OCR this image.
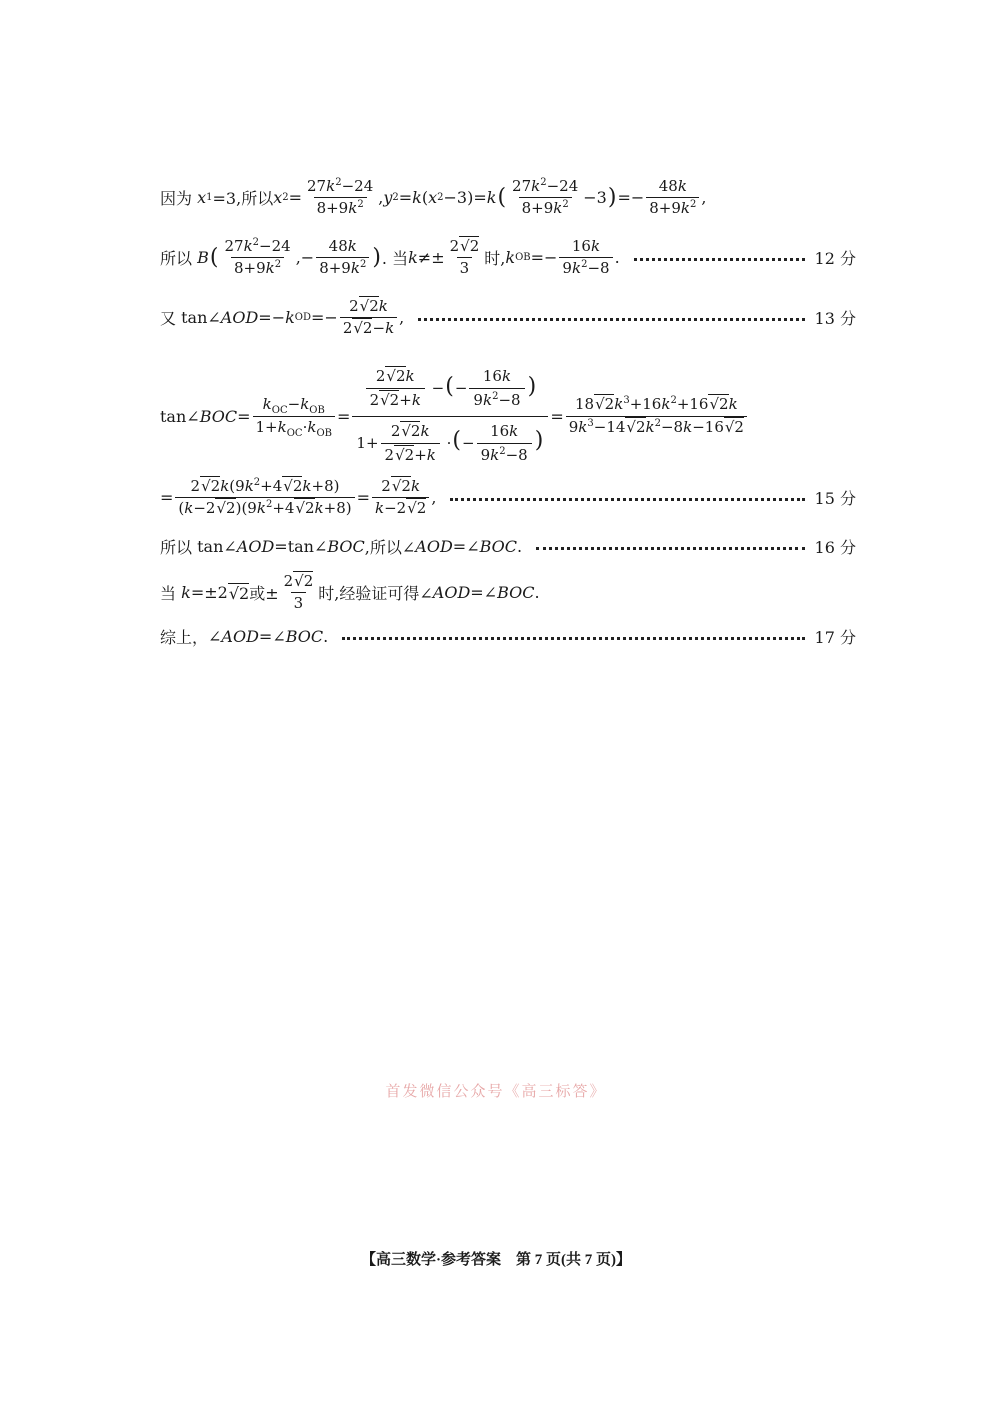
因为
x 1 =3,所以 x $2 = \frac{27k^2-24}{8+9k^2}$ , y 2 = k ( x 2 −3)= k ( $\frac{27k^2-24}{8+9k^2} -3$ ) =− $\frac{48k}{8+9k^2}$ ,
所以
B ( $\frac{27k^2-24}{8+9k^2}$ ,− $\frac{48k}{8+9k^2}$ ) . 当 $k \ne\pm \frac{2√2}{3}$ 时, k OB =− $\frac{16k}{9k^2-8}$ .	12 分
又 tan∠ AOD =− k OD =− $\frac{2√2k}{2√2-k}$ ,	13 分
tan∠ BOC = $\frac{k_{OC}-k_{OB}}{1+k_{OC}\cdot k_{OB}} = \frac{\frac{2√2k}{2√2+k} -(- \frac{16k}{9k^2-8} )}{1+ \frac{2√2k}{2√2+k} \cdot(- \frac{16k}{9k^2-8} )} = \frac{18√2k^3+16k^2+16√2k}{9k^3-14√2k^2-8k-16√2}$
= $\frac{2√2k(9k^2+4√2k+8)}{(k-2√2)(9k^2+4√2k+8)} = \frac{2√2k}{k-2√2}$ ,	15 分
所以 tan∠ AOD =tan∠ BOC ,所以∠ AOD =∠ BOC .	16 分
当
k =±2 √2 或± $\frac{2√2}{3}$ 时,经验证可得∠ AOD =∠ BOC .
综上， ∠ AOD =∠ BOC .	17 分
首发微信公众号《高三标答》
【高三数学·参考答案　第 7 页(共 7 页)】
